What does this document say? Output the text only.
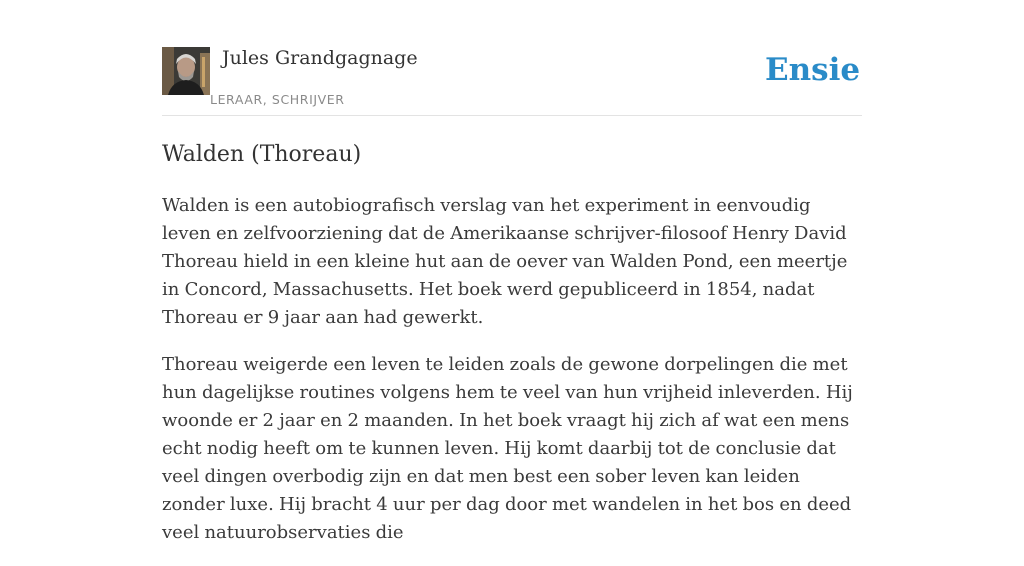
Jules Grandgagnage
LERAAR, SCHRIJVER
Ensie
Walden (Thoreau)

Walden is een autobiografisch verslag van het experiment in eenvoudig leven en zelfvoorziening dat de Amerikaanse schrijver-filosoof Henry David Thoreau hield in een kleine hut aan de oever van Walden Pond, een meertje in Concord, Massachusetts. Het boek werd gepubliceerd in 1854, nadat Thoreau er 9 jaar aan had gewerkt.

Thoreau weigerde een leven te leiden zoals de gewone dorpelingen die met hun dagelijkse routines volgens hem te veel van hun vrijheid inleverden. Hij woonde er 2 jaar en 2 maanden. In het boek vraagt hij zich af wat een mens echt nodig heeft om te kunnen leven. Hij komt daarbij tot de conclusie dat veel dingen overbodig zijn en dat men best een sober leven kan leiden zonder luxe. Hij bracht 4 uur per dag door met wandelen in het bos en deed veel natuurobservaties die
